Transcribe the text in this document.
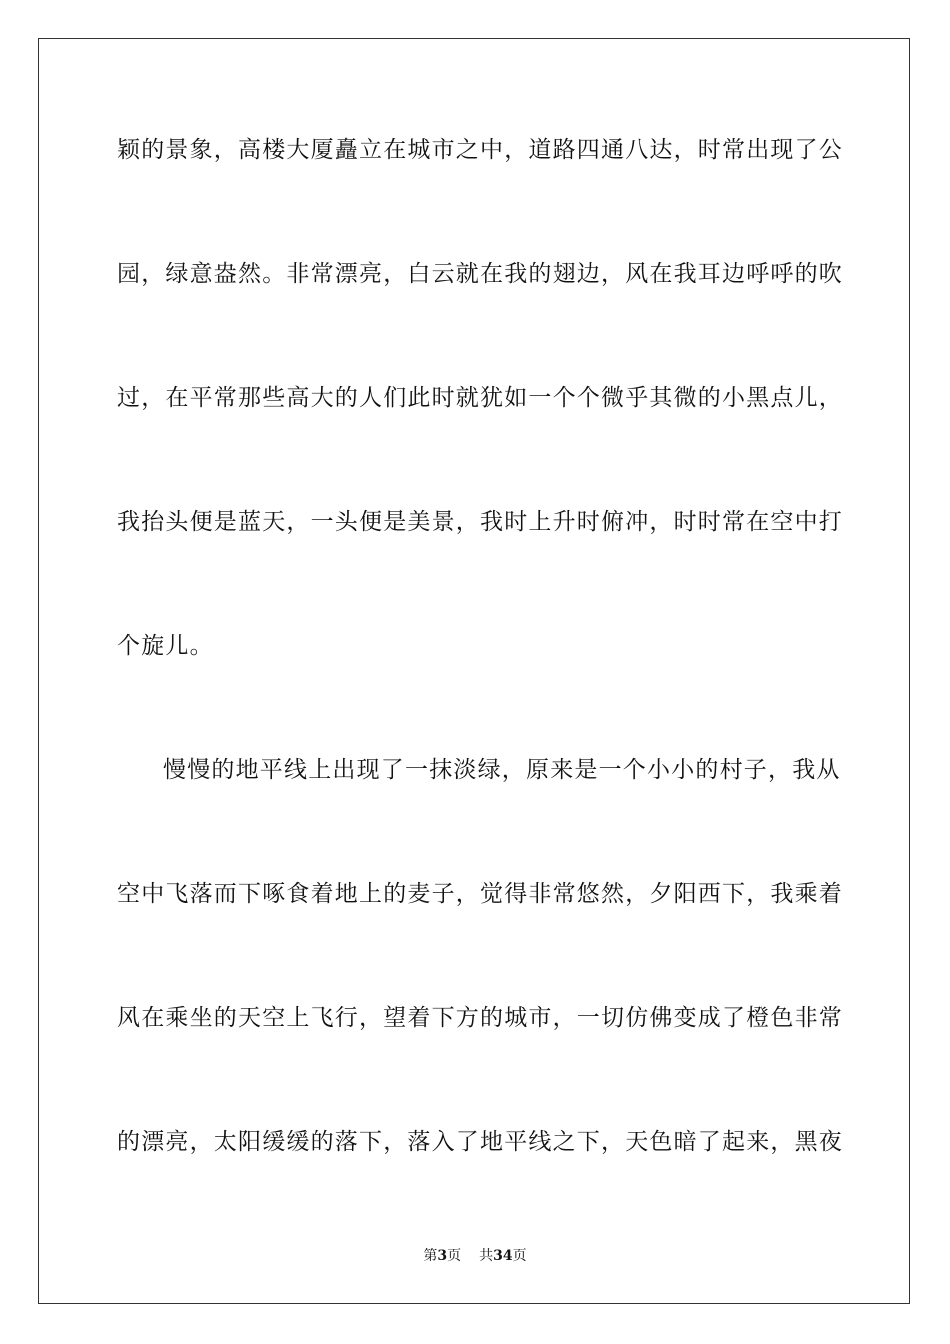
颖的景象，高楼大厦矗立在城市之中，道路四通八达，时常出现了公
园，绿意盎然。非常漂亮，白云就在我的翅边，风在我耳边呼呼的吹
过，在平常那些高大的人们此时就犹如一个个微乎其微的小黑点儿，
我抬头便是蓝天，一头便是美景，我时上升时俯冲，时时常在空中打
个旋儿。
慢慢的地平线上出现了一抹淡绿，原来是一个小小的村子，我从
空中飞落而下啄食着地上的麦子，觉得非常悠然，夕阳西下，我乘着
风在乘坐的天空上飞行，望着下方的城市，一切仿佛变成了橙色非常
的漂亮，太阳缓缓的落下，落入了地平线之下，天色暗了起来，黑夜
第3页 共34页
